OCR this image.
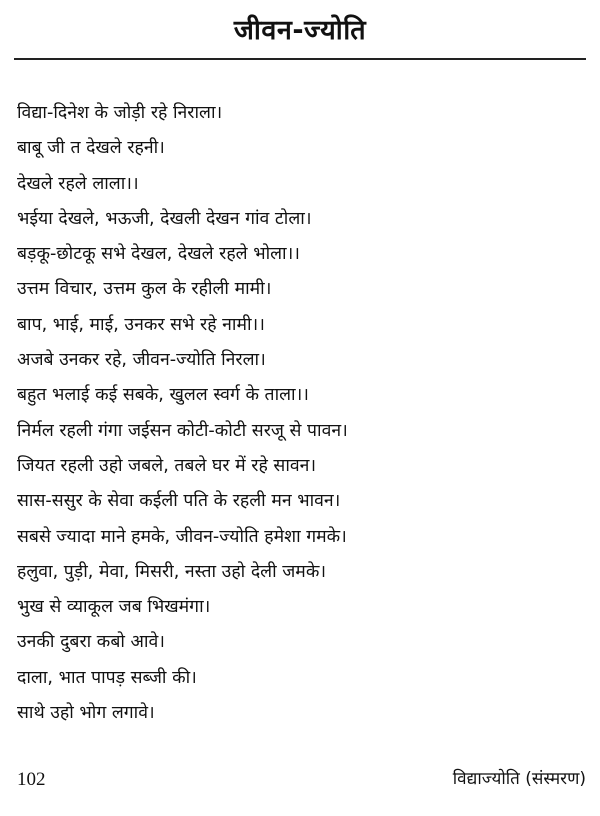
जीवन-ज्योति
विद्या-दिनेश के जोड़ी रहे निराला।
बाबू जी त देखले रहनी।
देखले रहले लाला।।
भईया देखले, भऊजी, देखली देखन गांव टोला।
बड़कू-छोटकू सभे देखल, देखले रहले भोला।।
उत्तम विचार, उत्तम कुल के रहीली मामी।
बाप, भाई, माई, उनकर सभे रहे नामी।।
अजबे उनकर रहे, जीवन-ज्योति निरला।
बहुत भलाई कई सबके, खुलल स्वर्ग के ताला।।
निर्मल रहली गंगा जईसन कोटी-कोटी सरजू से पावन।
जियत रहली उहो जबले, तबले घर में रहे सावन।
सास-ससुर के सेवा कईली पति के रहली मन भावन।
सबसे ज्यादा माने हमके, जीवन-ज्योति हमेशा गमके।
हलुवा, पुड़ी, मेवा, मिसरी, नस्ता उहो देली जमके।
भुख से व्याकूल जब भिखमंगा।
उनकी दुबरा कबो आवे।
दाला, भात पापड़ सब्जी की।
साथे उहो भोग लगावे।
102	विद्याज्योति (संस्मरण)
